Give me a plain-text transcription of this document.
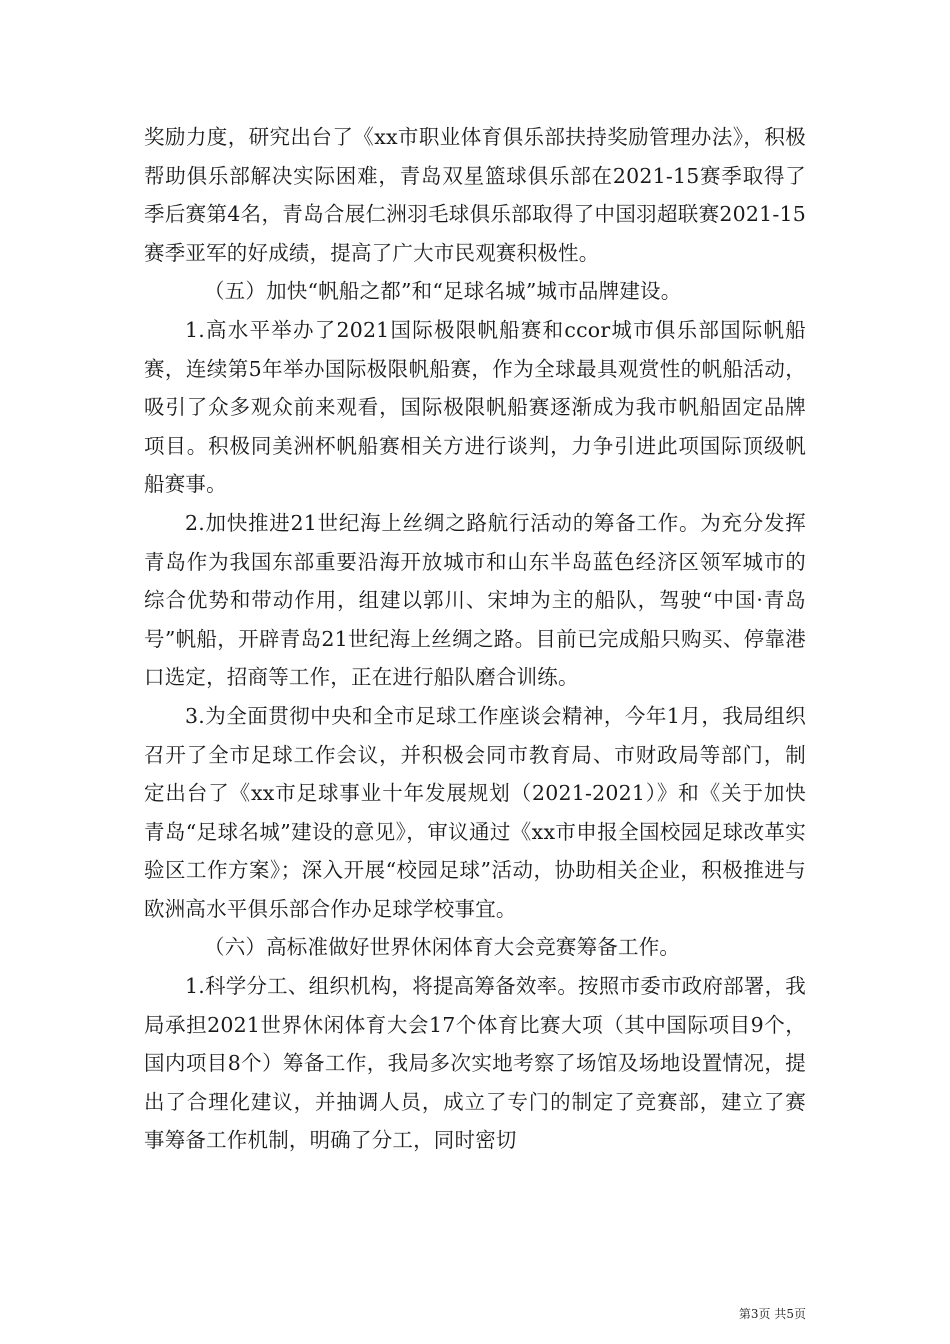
奖励力度，研究出台了《xx市职业体育俱乐部扶持奖励管理办法》，积极帮助俱乐部解决实际困难，青岛双星篮球俱乐部在2021-15赛季取得了季后赛第4名，青岛合展仁洲羽毛球俱乐部取得了中国羽超联赛2021-15赛季亚军的好成绩，提高了广大市民观赛积极性。

（五）加快“帆船之都”和“足球名城”城市品牌建设。

1.高水平举办了2021国际极限帆船赛和ccor城市俱乐部国际帆船赛，连续第5年举办国际极限帆船赛，作为全球最具观赏性的帆船活动，吸引了众多观众前来观看，国际极限帆船赛逐渐成为我市帆船固定品牌项目。积极同美洲杯帆船赛相关方进行谈判，力争引进此项国际顶级帆船赛事。

2.加快推进21世纪海上丝绸之路航行活动的筹备工作。为充分发挥青岛作为我国东部重要沿海开放城市和山东半岛蓝色经济区领军城市的综合优势和带动作用，组建以郭川、宋坤为主的船队，驾驶“中国·青岛号”帆船，开辟青岛21世纪海上丝绸之路。目前已完成船只购买、停靠港口选定，招商等工作，正在进行船队磨合训练。

3.为全面贯彻中央和全市足球工作座谈会精神，今年1月，我局组织召开了全市足球工作会议，并积极会同市教育局、市财政局等部门，制定出台了《xx市足球事业十年发展规划（2021-2021）》和《关于加快青岛“足球名城”建设的意见》，审议通过《xx市申报全国校园足球改革实验区工作方案》；深入开展“校园足球”活动，协助相关企业，积极推进与欧洲高水平俱乐部合作办足球学校事宜。

（六）高标准做好世界休闲体育大会竞赛筹备工作。

1.科学分工、组织机构，将提高筹备效率。按照市委市政府部署，我局承担2021世界休闲体育大会17个体育比赛大项（其中国际项目9个，国内项目8个）筹备工作，我局多次实地考察了场馆及场地设置情况，提出了合理化建议，并抽调人员，成立了专门的制定了竞赛部，建立了赛事筹备工作机制，明确了分工，同时密切

第3页 共5页
